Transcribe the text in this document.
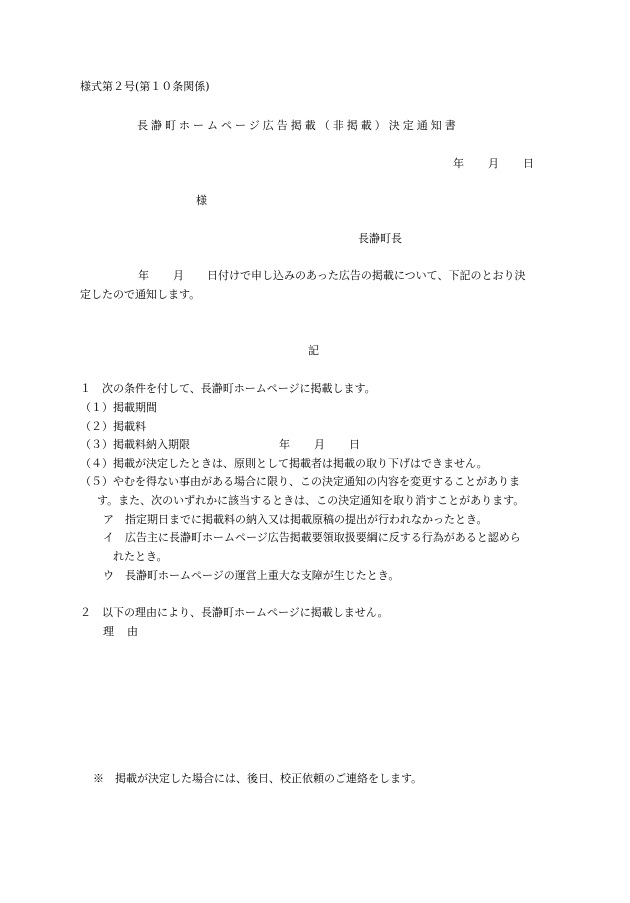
様式第２号(第１０条関係)
長瀞町ホームページ広告掲載（非掲載）決定通知書
年 月 日
様
長瀞町長
年 月 日付けで申し込みのあった広告の掲載について、下記のとおり決
定したので通知します。
記
１　次の条件を付して、長瀞町ホームページに掲載します。
（１）掲載期間
（２）掲載料
（３）掲載料納入期限	年 月 日
（４）掲載が決定したときは、原則として掲載者は掲載の取り下げはできません。
（５）やむを得ない事由がある場合に限り、この決定通知の内容を変更することがありま
す。また、次のいずれかに該当するときは、この決定通知を取り消すことがあります。
ア　指定期日までに掲載料の納入又は掲載原稿の提出が行われなかったとき。
イ　広告主に長瀞町ホームページ広告掲載要領取扱要綱に反する行為があると認めら
れたとき。
ウ　長瀞町ホームページの運営上重大な支障が生じたとき。
２　以下の理由により、長瀞町ホームページに掲載しません。
理　由
※　掲載が決定した場合には、後日、校正依頼のご連絡をします。
